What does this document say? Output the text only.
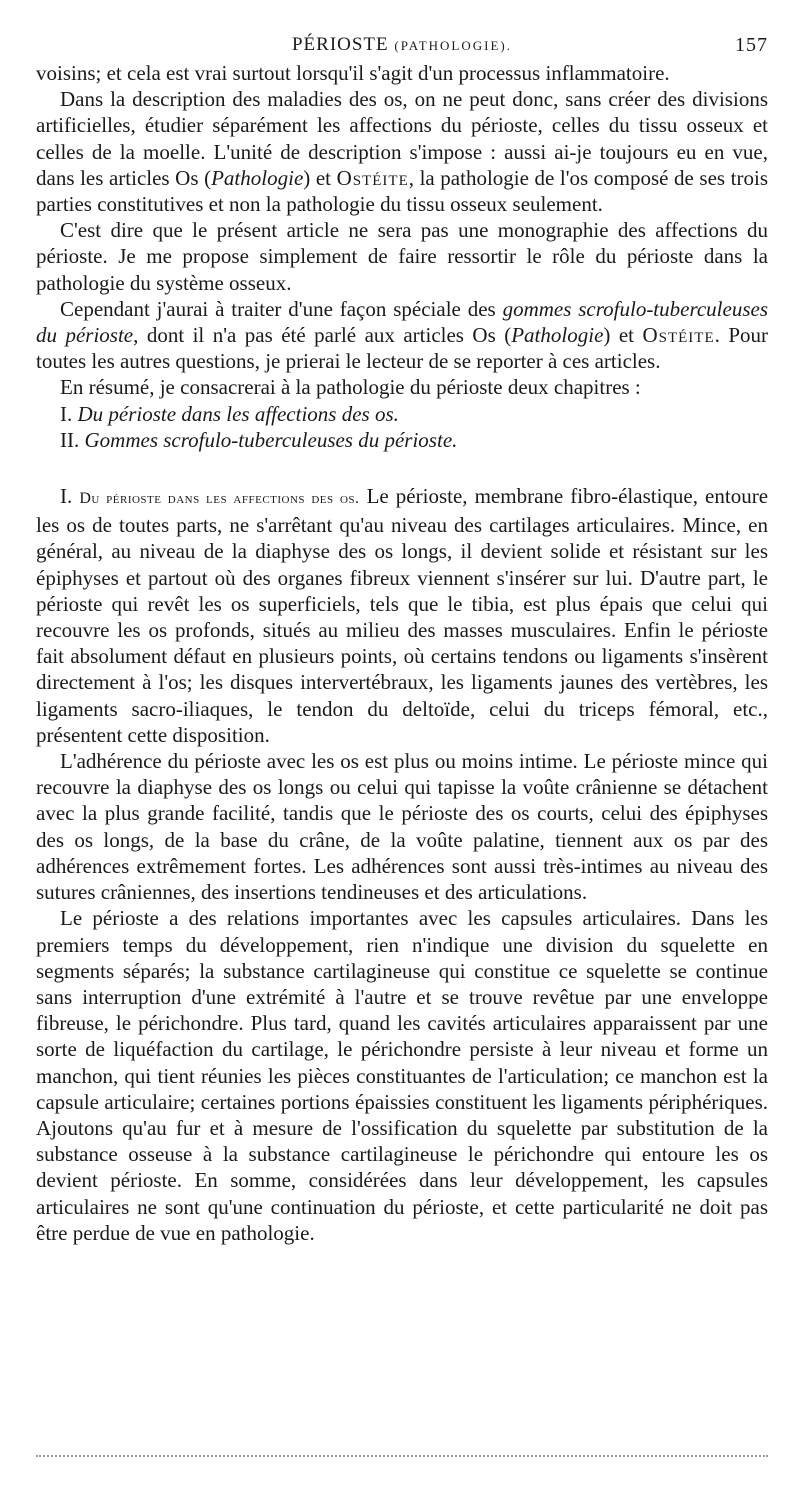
PÉRIOSTE (PATHOLOGIE).	157

voisins; et cela est vrai surtout lorsqu'il s'agit d'un processus inflammatoire.

Dans la description des maladies des os, on ne peut donc, sans créer des divisions artificielles, étudier séparément les affections du périoste, celles du tissu osseux et celles de la moelle. L'unité de description s'impose : aussi ai-je toujours eu en vue, dans les articles Os (Pathologie) et Ostéite, la pathologie de l'os composé de ses trois parties constitutives et non la pathologie du tissu osseux seulement.

C'est dire que le présent article ne sera pas une monographie des affections du périoste. Je me propose simplement de faire ressortir le rôle du périoste dans la pathologie du système osseux.

Cependant j'aurai à traiter d'une façon spéciale des gommes scrofulo-tuberculeuses du périoste, dont il n'a pas été parlé aux articles Os (Pathologie) et Ostéite. Pour toutes les autres questions, je prierai le lecteur de se reporter à ces articles.

En résumé, je consacrerai à la pathologie du périoste deux chapitres :

I. Du périoste dans les affections des os.
II. Gommes scrofulo-tuberculeuses du périoste.

I. Du périoste dans les affections des os. Le périoste, membrane fibro-élastique, entoure les os de toutes parts, ne s'arrêtant qu'au niveau des cartilages articulaires. Mince, en général, au niveau de la diaphyse des os longs, il devient solide et résistant sur les épiphyses et partout où des organes fibreux viennent s'insérer sur lui. D'autre part, le périoste qui revêt les os superficiels, tels que le tibia, est plus épais que celui qui recouvre les os profonds, situés au milieu des masses musculaires. Enfin le périoste fait absolument défaut en plusieurs points, où certains tendons ou ligaments s'insèrent directement à l'os; les disques intervertébraux, les ligaments jaunes des vertèbres, les ligaments sacro-iliaques, le tendon du deltoïde, celui du triceps fémoral, etc., présentent cette disposition.

L'adhérence du périoste avec les os est plus ou moins intime. Le périoste mince qui recouvre la diaphyse des os longs ou celui qui tapisse la voûte crânienne se détachent avec la plus grande facilité, tandis que le périoste des os courts, celui des épiphyses des os longs, de la base du crâne, de la voûte palatine, tiennent aux os par des adhérences extrêmement fortes. Les adhérences sont aussi très-intimes au niveau des sutures crâniennes, des insertions tendineuses et des articulations.

Le périoste a des relations importantes avec les capsules articulaires. Dans les premiers temps du développement, rien n'indique une division du squelette en segments séparés; la substance cartilagineuse qui constitue ce squelette se continue sans interruption d'une extrémité à l'autre et se trouve revêtue par une enveloppe fibreuse, le périchondre. Plus tard, quand les cavités articulaires apparaissent par une sorte de liquéfaction du cartilage, le périchondre persiste à leur niveau et forme un manchon, qui tient réunies les pièces constituantes de l'articulation; ce manchon est la capsule articulaire; certaines portions épaissies constituent les ligaments périphériques. Ajoutons qu'au fur et à mesure de l'ossification du squelette par substitution de la substance osseuse à la substance cartilagineuse le périchondre qui entoure les os devient périoste. En somme, considérées dans leur développement, les capsules articulaires ne sont qu'une continuation du périoste, et cette particularité ne doit pas être perdue de vue en pathologie.
